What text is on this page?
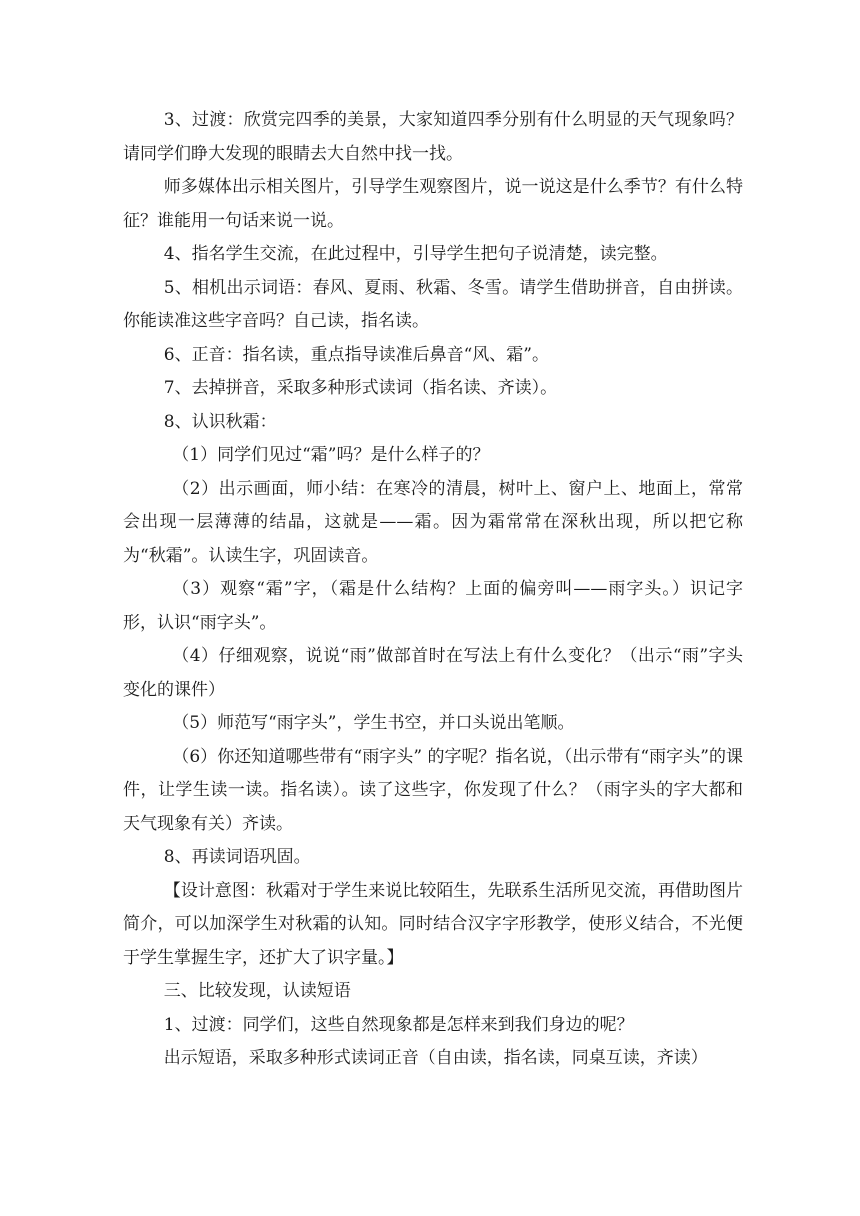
3、过渡：欣赏完四季的美景，大家知道四季分别有什么明显的天气现象吗？请同学们睁大发现的眼睛去大自然中找一找。

师多媒体出示相关图片，引导学生观察图片，说一说这是什么季节？有什么特征？谁能用一句话来说一说。

4、指名学生交流，在此过程中，引导学生把句子说清楚，读完整。

5、相机出示词语：春风、夏雨、秋霜、冬雪。请学生借助拼音，自由拼读。你能读准这些字音吗？自己读，指名读。

6、正音：指名读，重点指导读准后鼻音“风、霜”。

7、去掉拼音，采取多种形式读词（指名读、齐读）。

8、认识秋霜：

（1）同学们见过“霜”吗？是什么样子的？

（2）出示画面，师小结：在寒冷的清晨，树叶上、窗户上、地面上，常常会出现一层薄薄的结晶，这就是——霜。因为霜常常在深秋出现，所以把它称为“秋霜”。认读生字，巩固读音。

（3）观察“霜”字，（霜是什么结构？上面的偏旁叫——雨字头。）识记字形，认识“雨字头”。

（4）仔细观察，说说“雨”做部首时在写法上有什么变化？（出示“雨”字头变化的课件）

（5）师范写“雨字头”，学生书空，并口头说出笔顺。

（6）你还知道哪些带有“雨字头” 的字呢？指名说，（出示带有“雨字头”的课件，让学生读一读。指名读）。读了这些字，你发现了什么？（雨字头的字大都和天气现象有关）齐读。

8、再读词语巩固。

【设计意图：秋霜对于学生来说比较陌生，先联系生活所见交流，再借助图片简介，可以加深学生对秋霜的认知。同时结合汉字字形教学，使形义结合，不光便于学生掌握生字，还扩大了识字量。】

三、比较发现，认读短语

1、过渡：同学们，这些自然现象都是怎样来到我们身边的呢？

出示短语，采取多种形式读词正音（自由读，指名读，同桌互读，齐读）
